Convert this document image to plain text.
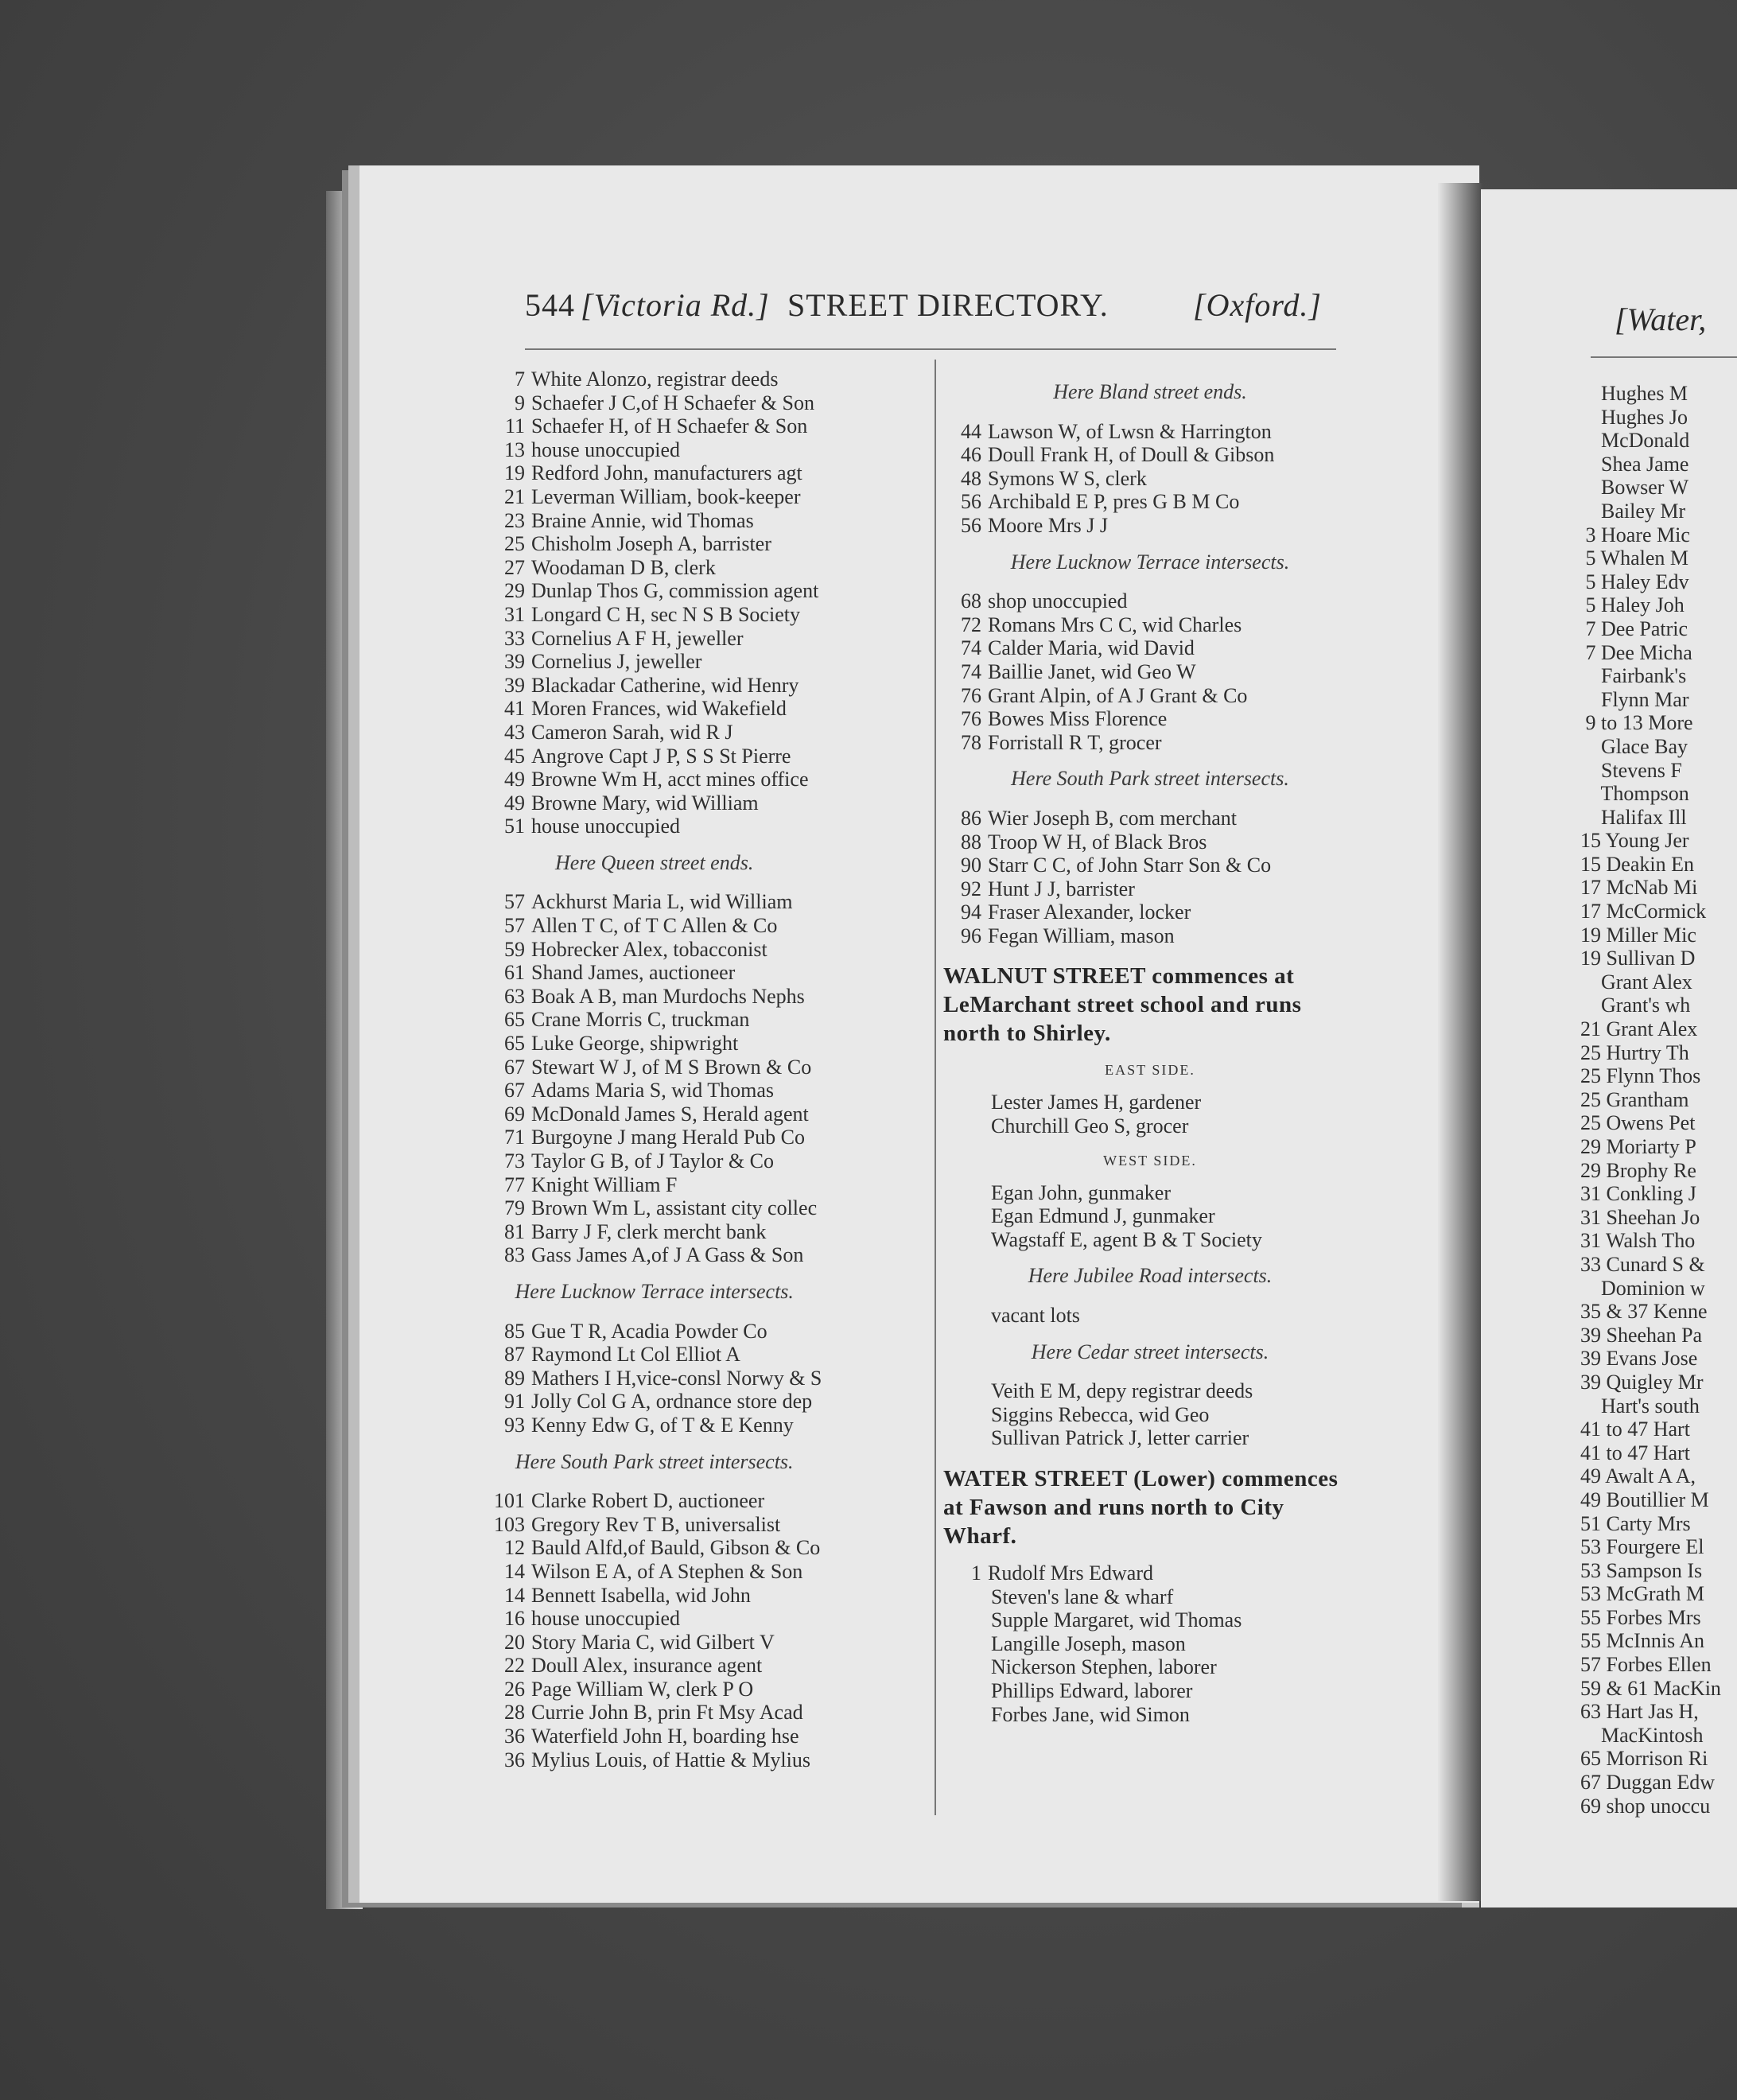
544 [Victoria Rd.] STREET DIRECTORY.	[Oxford.]
7 White Alonzo, registrar deeds
9 Schaefer J C,of H Schaefer & Son
11 Schaefer H, of H Schaefer & Son
13 house unoccupied
19 Redford John, manufacturers agt
21 Leverman William, book-keeper
23 Braine Annie, wid Thomas
25 Chisholm Joseph A, barrister
27 Woodaman D B, clerk
29 Dunlap Thos G, commission agent
31 Longard C H, sec N S B Society
33 Cornelius A F H, jeweller
39 Cornelius J, jeweller
39 Blackadar Catherine, wid Henry
41 Moren Frances, wid Wakefield
43 Cameron Sarah, wid R J
45 Angrove Capt J P, S S St Pierre
49 Browne Wm H, acct mines office
49 Browne Mary, wid William
51 house unoccupied
Here Queen street ends.
57 Ackhurst Maria L, wid William
57 Allen T C, of T C Allen & Co
59 Hobrecker Alex, tobacconist
61 Shand James, auctioneer
63 Boak A B, man Murdochs Nephs
65 Crane Morris C, truckman
65 Luke George, shipwright
67 Stewart W J, of M S Brown & Co
67 Adams Maria S, wid Thomas
69 McDonald James S, Herald agent
71 Burgoyne J mang Herald Pub Co
73 Taylor G B, of J Taylor & Co
77 Knight William F
79 Brown Wm L, assistant city collec
81 Barry J F, clerk mercht bank
83 Gass James A,of J A Gass & Son
Here Lucknow Terrace intersects.
85 Gue T R, Acadia Powder Co
87 Raymond Lt Col Elliot A
89 Mathers I H,vice-consl Norwy & S
91 Jolly Col G A, ordnance store dep
93 Kenny Edw G, of T & E Kenny
Here South Park street intersects.
101 Clarke Robert D, auctioneer
103 Gregory Rev T B, universalist
12 Bauld Alfd,of Bauld, Gibson & Co
14 Wilson E A, of A Stephen & Son
14 Bennett Isabella, wid John
16 house unoccupied
20 Story Maria C, wid Gilbert V
22 Doull Alex, insurance agent
26 Page William W, clerk P O
28 Currie John B, prin Ft Msy Acad
36 Waterfield John H, boarding hse
36 Mylius Louis, of Hattie & Mylius
Here Bland street ends.
44 Lawson W, of Lwsn & Harrington
46 Doull Frank H, of Doull & Gibson
48 Symons W S, clerk
56 Archibald E P, pres G B M Co
56 Moore Mrs J J
Here Lucknow Terrace intersects.
68 shop unoccupied
72 Romans Mrs C C, wid Charles
74 Calder Maria, wid David
74 Baillie Janet, wid Geo W
76 Grant Alpin, of A J Grant & Co
76 Bowes Miss Florence
78 Forristall R T, grocer
Here South Park street intersects.
86 Wier Joseph B, com merchant
88 Troop W H, of Black Bros
90 Starr C C, of John Starr Son & Co
92 Hunt J J, barrister
94 Fraser Alexander, locker
96 Fegan William, mason
WALNUT STREET commences at LeMarchant street school and runs north to Shirley.
EAST SIDE.
Lester James H, gardener
Churchill Geo S, grocer
WEST SIDE.
Egan John, gunmaker
Egan Edmund J, gunmaker
Wagstaff E, agent B & T Society
Here Jubilee Road intersects.
vacant lots
Here Cedar street intersects.
Veith E M, depy registrar deeds
Siggins Rebecca, wid Geo
Sullivan Patrick J, letter carrier
WATER STREET (Lower) commences at Fawson and runs north to City Wharf.
1 Rudolf Mrs Edward
Steven's lane & wharf
Supple Margaret, wid Thomas
Langille Joseph, mason
Nickerson Stephen, laborer
Phillips Edward, laborer
Forbes Jane, wid Simon
[Water,
Hughes M
Hughes Jo
McDonald
Shea Jame
Bowser W
Bailey Mr
3 Hoare Mic
5 Whalen M
5 Haley Edv
5 Haley Joh
7 Dee Patric
7 Dee Micha
Fairbank's
Flynn Mar
9 to 13 More
Glace Bay
Stevens F
Thompson
Halifax Ill
15 Young Jer
15 Deakin En
17 McNab Mi
17 McCormick
19 Miller Mic
19 Sullivan D
Grant Alex
Grant's wh
21 Grant Alex
25 Hurtry Th
25 Flynn Thos
25 Grantham
25 Owens Pet
29 Moriarty P
29 Brophy Re
31 Conkling J
31 Sheehan Jo
31 Walsh Tho
33 Cunard S &
Dominion w
35 & 37 Kenne
39 Sheehan Pa
39 Evans Jose
39 Quigley Mr
Hart's south
41 to 47 Hart
41 to 47 Hart
49 Awalt A A,
49 Boutillier M
51 Carty Mrs
53 Fourgere El
53 Sampson Is
53 McGrath M
55 Forbes Mrs
55 McInnis An
57 Forbes Ellen
59 & 61 MacKin
63 Hart Jas H,
MacKintosh
65 Morrison Ri
67 Duggan Edw
69 shop unoccu
